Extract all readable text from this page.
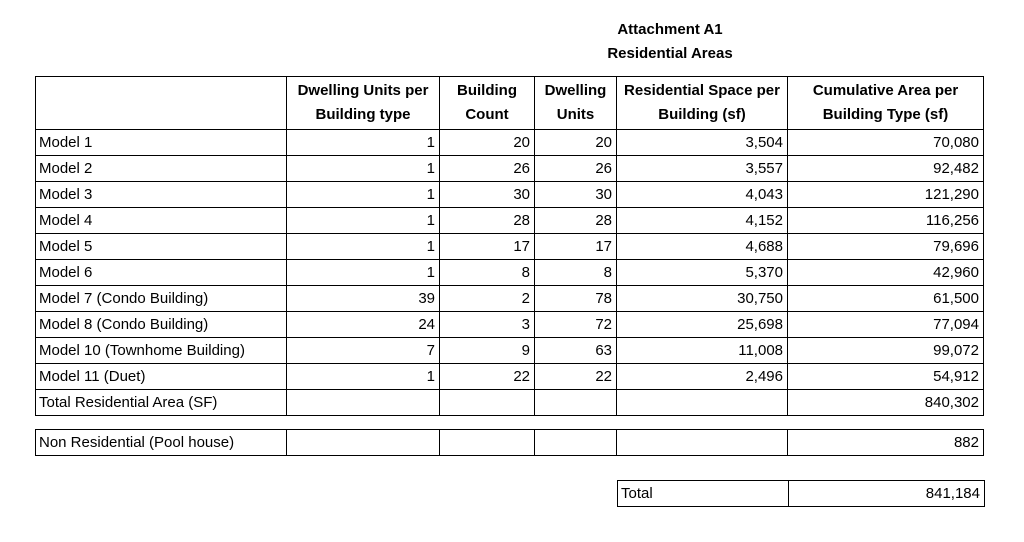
Attachment A1
Residential Areas
	Dwelling Units per Building type	Building Count	Dwelling Units	Residential Space per Building (sf)	Cumulative Area per Building Type (sf)
Model 1	1	20	20	3,504	70,080
Model 2	1	26	26	3,557	92,482
Model 3	1	30	30	4,043	121,290
Model 4	1	28	28	4,152	116,256
Model 5	1	17	17	4,688	79,696
Model 6	1	8	8	5,370	42,960
Model 7 (Condo Building)	39	2	78	30,750	61,500
Model 8 (Condo Building)	24	3	72	25,698	77,094
Model 10 (Townhome Building)	7	9	63	11,008	99,072
Model 11 (Duet)	1	22	22	2,496	54,912
Total Residential Area (SF)					840,302
Non Residential (Pool house)					882
Total	841,184
